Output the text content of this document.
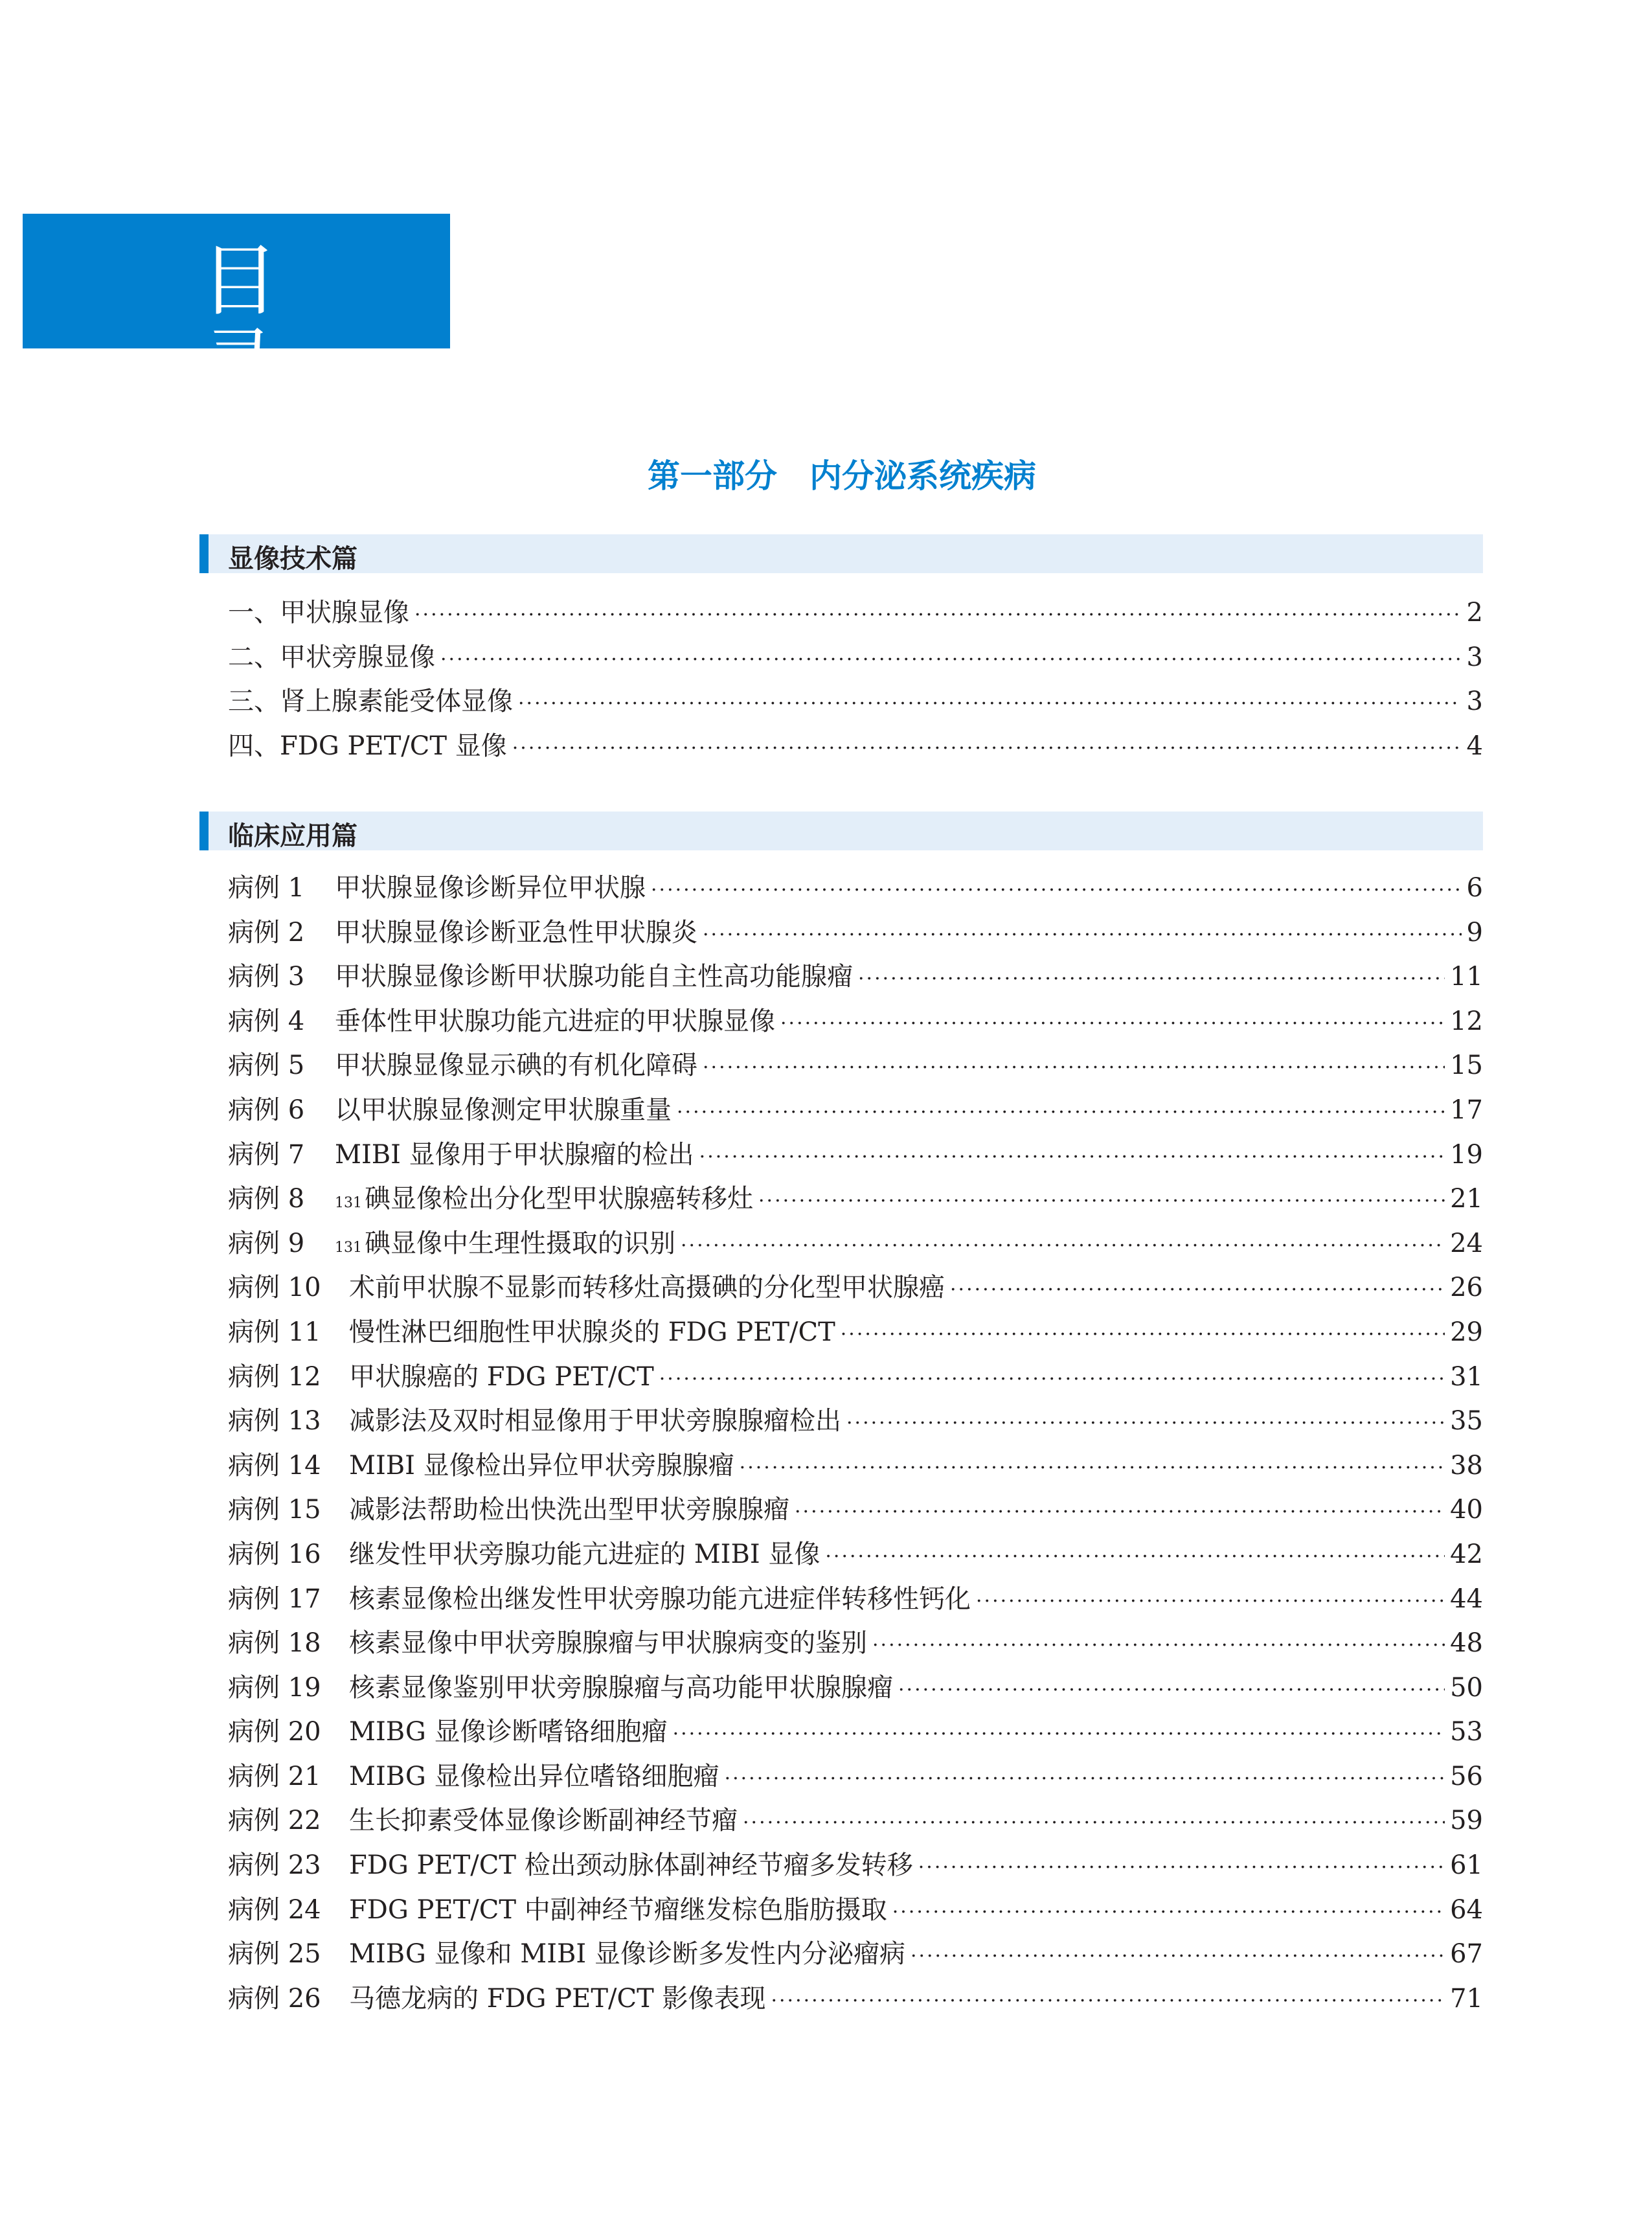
目录
第一部分　内分泌系统疾病
显像技术篇
一、甲状腺显像 ·····	2
二、甲状旁腺显像 ·····	3
三、肾上腺素能受体显像 ·····	3
四、FDG PET/CT 显像 ·····	4
临床应用篇
病例 1	甲状腺显像诊断异位甲状腺 ·····	6
病例 2	甲状腺显像诊断亚急性甲状腺炎 ·····	9
病例 3	甲状腺显像诊断甲状腺功能自主性高功能腺瘤 ·····	11
病例 4	垂体性甲状腺功能亢进症的甲状腺显像 ·····	12
病例 5	甲状腺显像显示碘的有机化障碍 ·····	15
病例 6	以甲状腺显像测定甲状腺重量 ·····	17
病例 7	MIBI 显像用于甲状腺瘤的检出 ·····	19
病例 8	$_{131}$ 碘显像检出分化型甲状腺癌转移灶 ·····	21
病例 9	$_{131}$ 碘显像中生理性摄取的识别 ·····	24
病例 10	术前甲状腺不显影而转移灶高摄碘的分化型甲状腺癌 ·····	26
病例 11	慢性淋巴细胞性甲状腺炎的 FDG PET/CT ·····	29
病例 12	甲状腺癌的 FDG PET/CT ·····	31
病例 13	减影法及双时相显像用于甲状旁腺腺瘤检出 ·····	35
病例 14	MIBI 显像检出异位甲状旁腺腺瘤 ·····	38
病例 15	减影法帮助检出快洗出型甲状旁腺腺瘤 ·····	40
病例 16	继发性甲状旁腺功能亢进症的 MIBI 显像 ·····	42
病例 17	核素显像检出继发性甲状旁腺功能亢进症伴转移性钙化 ·····	44
病例 18	核素显像中甲状旁腺腺瘤与甲状腺病变的鉴别 ·····	48
病例 19	核素显像鉴别甲状旁腺腺瘤与高功能甲状腺腺瘤 ·····	50
病例 20	MIBG 显像诊断嗜铬细胞瘤 ·····	53
病例 21	MIBG 显像检出异位嗜铬细胞瘤 ·····	56
病例 22	生长抑素受体显像诊断副神经节瘤 ·····	59
病例 23	FDG PET/CT 检出颈动脉体副神经节瘤多发转移 ·····	61
病例 24	FDG PET/CT 中副神经节瘤继发棕色脂肪摄取 ·····	64
病例 25	MIBG 显像和 MIBI 显像诊断多发性内分泌瘤病 ·····	67
病例 26	马德龙病的 FDG PET/CT 影像表现 ·····	71
